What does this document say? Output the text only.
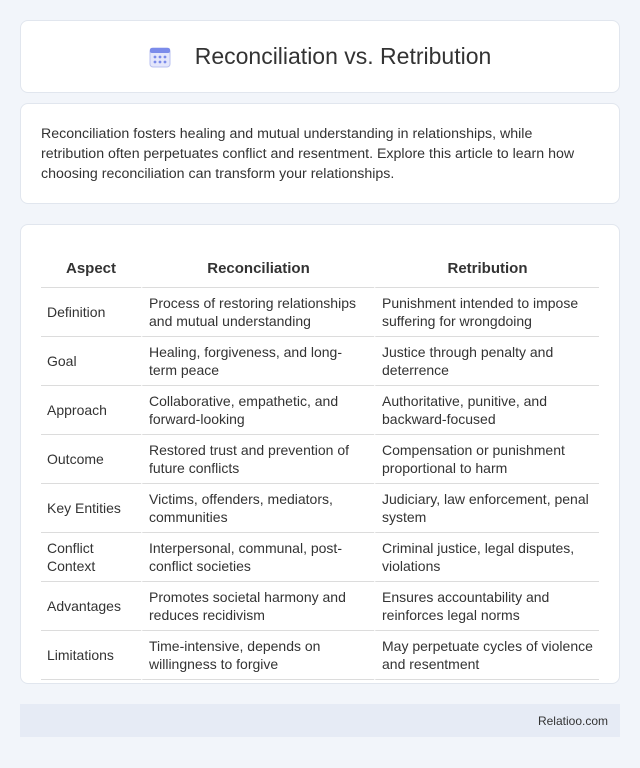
Reconciliation vs. Retribution

Reconciliation fosters healing and mutual understanding in relationships, while retribution often perpetuates conflict and resentment. Explore this article to learn how choosing reconciliation can transform your relationships.

Aspect	Reconciliation	Retribution
Definition	Process of restoring relationships and mutual understanding	Punishment intended to impose suffering for wrongdoing
Goal	Healing, forgiveness, and long-term peace	Justice through penalty and deterrence
Approach	Collaborative, empathetic, and forward-looking	Authoritative, punitive, and backward-focused
Outcome	Restored trust and prevention of future conflicts	Compensation or punishment proportional to harm
Key Entities	Victims, offenders, mediators, communities	Judiciary, law enforcement, penal system
Conflict Context	Interpersonal, communal, post-conflict societies	Criminal justice, legal disputes, violations
Advantages	Promotes societal harmony and reduces recidivism	Ensures accountability and reinforces legal norms
Limitations	Time-intensive, depends on willingness to forgive	May perpetuate cycles of violence and resentment
Relatioo.com
